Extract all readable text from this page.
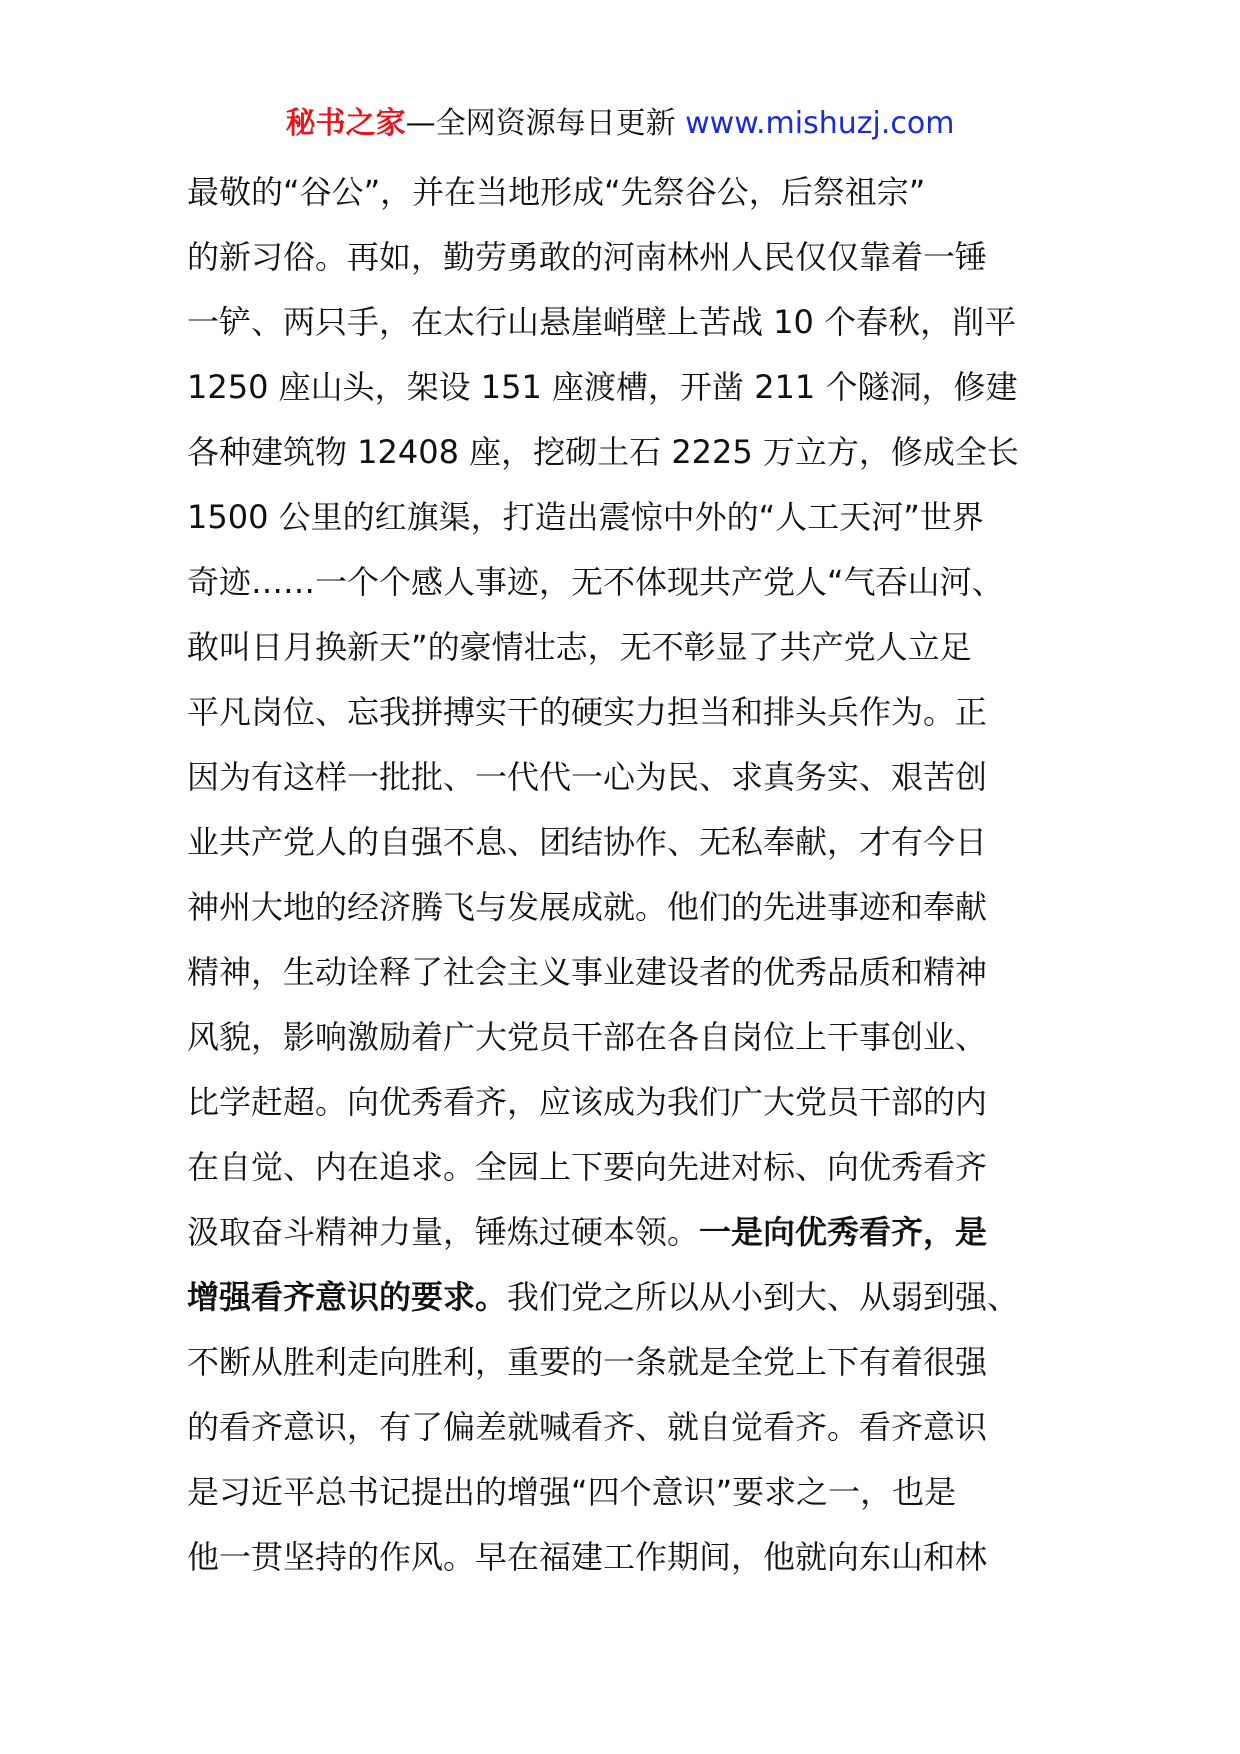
秘书之家—全网资源每日更新 www.mishuzj.com
最敬的“谷公”，并在当地形成“先祭谷公，后祭祖宗”
的新习俗。再如，勤劳勇敢的河南林州人民仅仅靠着一锤
一铲、两只手，在太行山悬崖峭壁上苦战 10 个春秋，削平
1250 座山头，架设 151 座渡槽，开凿 211 个隧洞，修建
各种建筑物 12408 座，挖砌土石 2225 万立方，修成全长
1500 公里的红旗渠，打造出震惊中外的“人工天河”世界
奇迹……一个个感人事迹，无不体现共产党人“气吞山河、
敢叫日月换新天”的豪情壮志，无不彰显了共产党人立足
平凡岗位、忘我拼搏实干的硬实力担当和排头兵作为。正
因为有这样一批批、一代代一心为民、求真务实、艰苦创
业共产党人的自强不息、团结协作、无私奉献，才有今日
神州大地的经济腾飞与发展成就。他们的先进事迹和奉献
精神，生动诠释了社会主义事业建设者的优秀品质和精神
风貌，影响激励着广大党员干部在各自岗位上干事创业、
比学赶超。向优秀看齐，应该成为我们广大党员干部的内
在自觉、内在追求。全园上下要向先进对标、向优秀看齐
汲取奋斗精神力量，锤炼过硬本领。一是向优秀看齐，是
增强看齐意识的要求。我们党之所以从小到大、从弱到强、
不断从胜利走向胜利，重要的一条就是全党上下有着很强
的看齐意识，有了偏差就喊看齐、就自觉看齐。看齐意识
是习近平总书记提出的增强“四个意识”要求之一，也是
他一贯坚持的作风。早在福建工作期间，他就向东山和林
